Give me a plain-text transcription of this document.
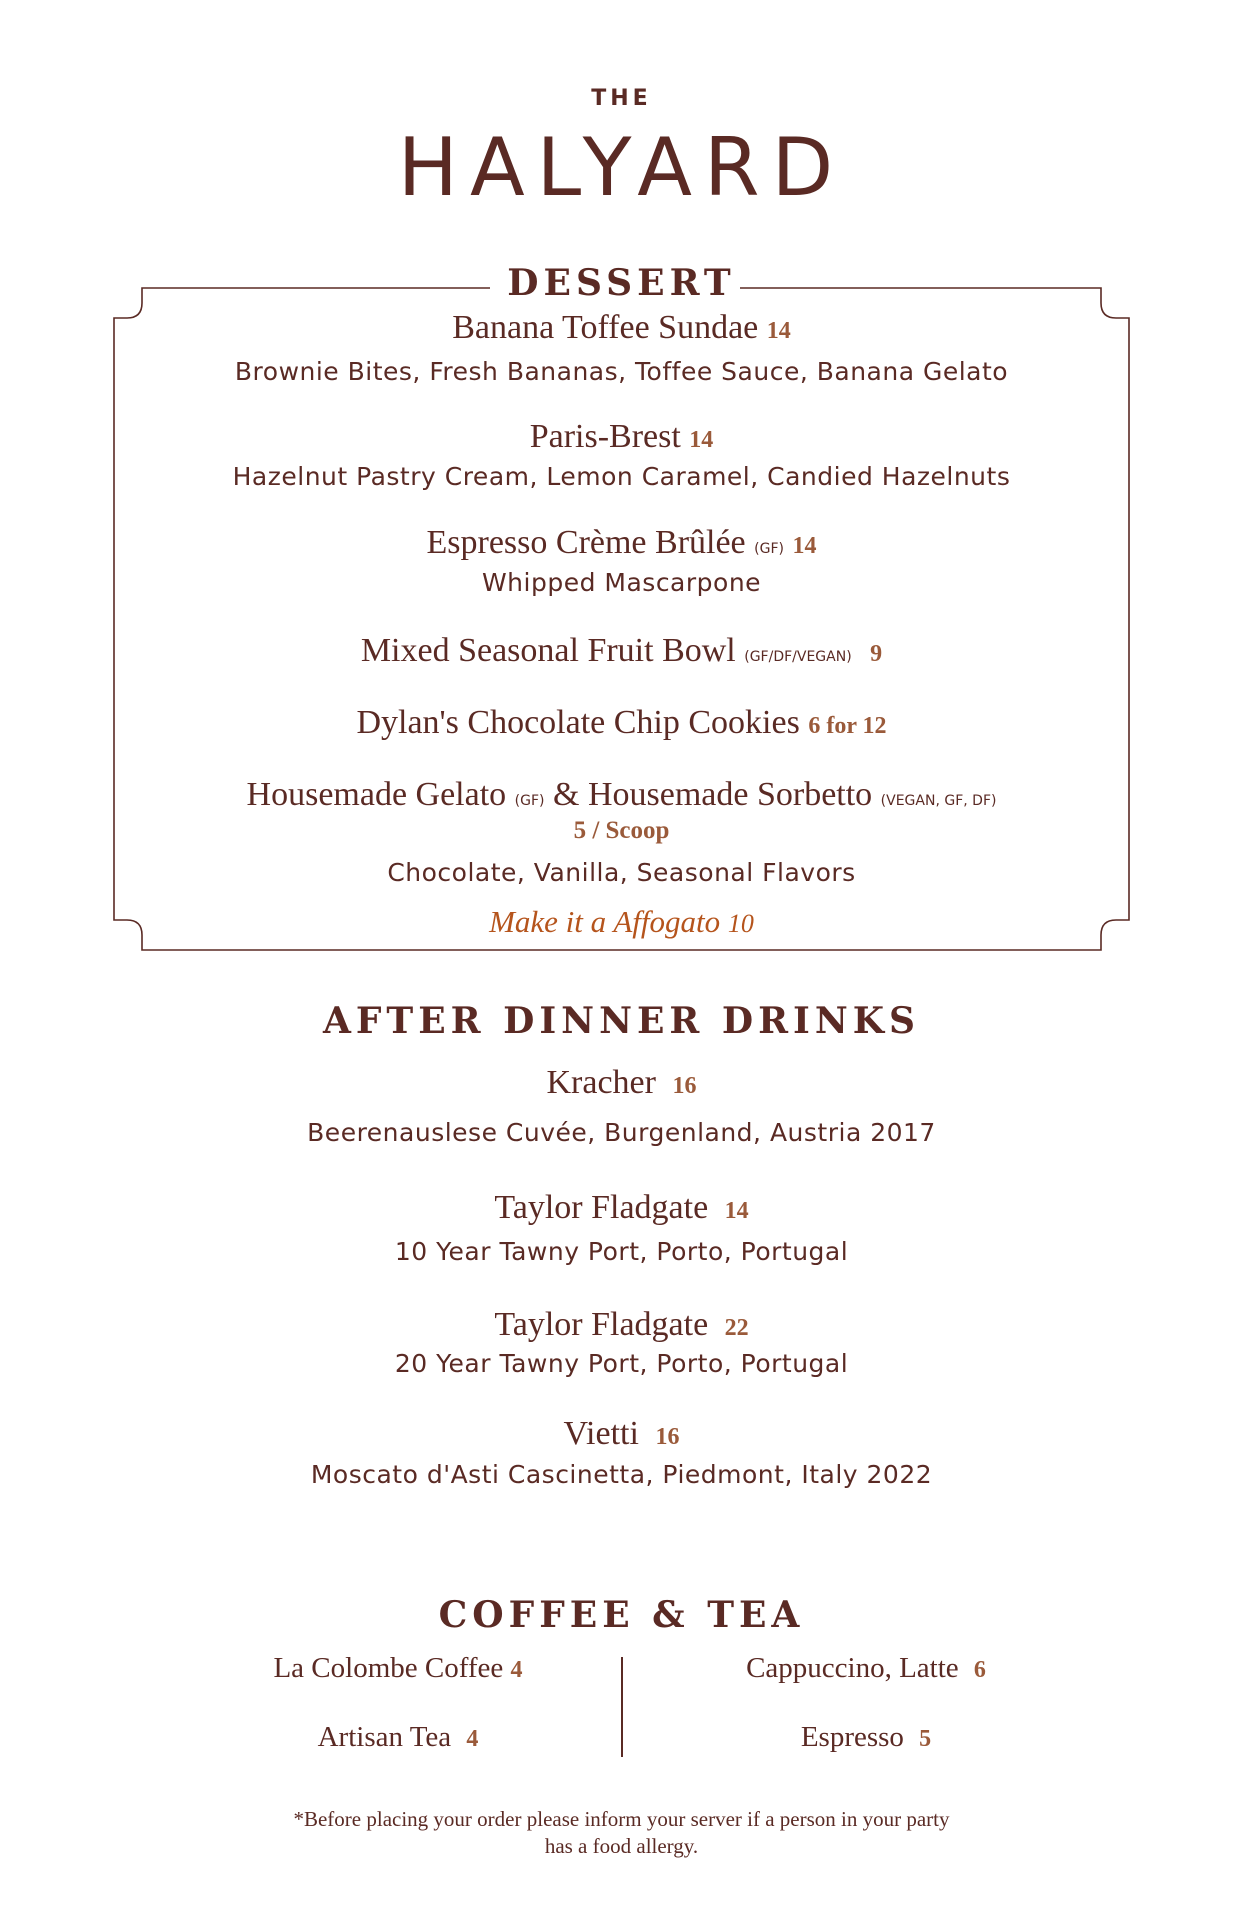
THE
HALYARD
DESSERT
Banana Toffee Sundae 14
Brownie Bites, Fresh Bananas, Toffee Sauce, Banana Gelato
Paris-Brest 14
Hazelnut Pastry Cream, Lemon Caramel, Candied Hazelnuts
Espresso Crème Brûlée (GF) 14
Whipped Mascarpone
Mixed Seasonal Fruit Bowl (GF/DF/VEGAN) 9
Dylan's Chocolate Chip Cookies 6 for 12
Housemade Gelato (GF) & Housemade Sorbetto (VEGAN, GF, DF)
5 / Scoop
Chocolate, Vanilla, Seasonal Flavors
Make it a Affogato 10
AFTER DINNER DRINKS
Kracher 16
Beerenauslese Cuvée, Burgenland, Austria 2017
Taylor Fladgate 14
10 Year Tawny Port, Porto, Portugal
Taylor Fladgate 22
20 Year Tawny Port, Porto, Portugal
Vietti 16
Moscato d'Asti Cascinetta, Piedmont, Italy 2022
COFFEE & TEA
La Colombe Coffee 4
Artisan Tea 4
Cappuccino, Latte 6
Espresso 5
*Before placing your order please inform your server if a person in your party
has a food allergy.
